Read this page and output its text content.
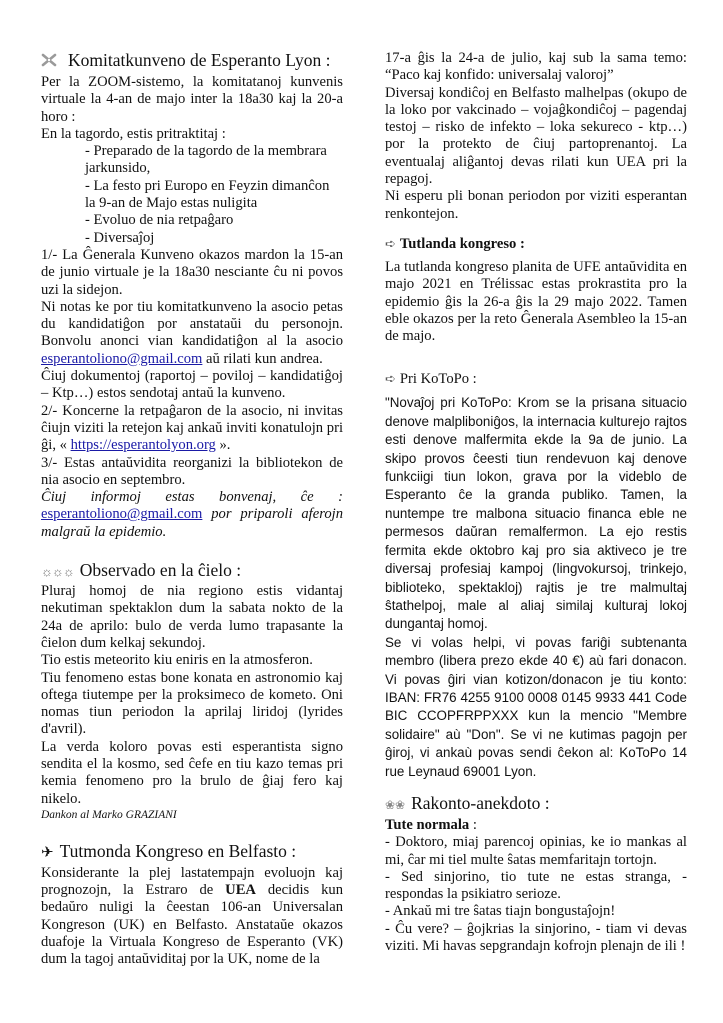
Komitatkunveno de Esperanto Lyon :

Per la ZOOM-sistemo, la komitatanoj kunvenis virtuale la 4-an de majo inter la 18a30 kaj la 20-a horo :

En la tagordo, estis pritraktitaj :

- Preparado de la tagordo de la membrara jarkunsido,

- La festo pri Europo en Feyzin dimanĉon la 9-an de Majo estas nuligita

- Evoluo de nia retpaĝaro

- Diversaĵoj

1/- La Ĝenerala Kunveno okazos mardon la 15-an de junio virtuale je la 18a30 nesciante ĉu ni povos uzi la sidejon.

Ni notas ke por tiu komitatkunveno la asocio petas du kandidatiĝon por anstataŭi du personojn. Bonvolu anonci vian kandidatiĝon al la asocio esperantoliono@gmail.com aŭ rilati kun andrea.

Ĉiuj dokumentoj (raportoj – poviloj – kandidatiĝoj – Ktp…) estos sendotaj antaŭ la kunveno.

2/- Koncerne la retpaĝaron de la asocio, ni invitas ĉiujn viziti la retejon kaj ankaŭ inviti konatulojn pri ĝi, « https://esperantolyon.org ».

3/- Estas antaŭvidita reorganizi la bibliotekon de nia asocio en septembro.

Ĉiuj informoj estas bonvenaj, ĉe :

esperantoliono@gmail.com por priparoli aferojn malgraŭ la epidemio.

☼☼☼ Observado en la ĉielo :

Pluraj homoj de nia regiono estis vidantaj nekutiman spektaklon dum la sabata nokto de la 24a de aprilo: bulo de verda lumo trapasante la ĉielon dum kelkaj sekundoj.

Tio estis meteorito kiu eniris en la atmosferon.

Tiu fenomeno estas bone konata en astronomio kaj oftega tiutempe per la proksimeco de kometo. Oni nomas tiun periodon la aprilaj liridoj (lyrides d'avril).

La verda koloro povas esti esperantista signo sendita el la kosmo, sed ĉefe en tiu kazo temas pri kemia fenomeno pro la brulo de ĝiaj fero kaj nikelo.

Dankon al Marko GRAZIANI

✈ Tutmonda Kongreso en Belfasto :

Konsiderante la plej lastatempajn evoluojn kaj prognozojn, la Estraro de UEA decidis kun bedaŭro nuligi la ĉeestan 106-an Universalan Kongreson (UK) en Belfasto. Anstataŭe okazos duafoje la Virtuala Kongreso de Esperanto (VK) dum la tagoj antaŭviditaj por la UK, nome de la

17-a ĝis la 24-a de julio, kaj sub la sama temo: “Paco kaj konfido: universalaj valoroj”

Diversaj kondiĉoj en Belfasto malhelpas (okupo de la loko por vakcinado – vojaĝkondiĉoj – pagendaj testoj – risko de infekto – loka sekureco - ktp…) por la protekto de ĉiuj partoprenantoj. La eventualaj aliĝantoj devas rilati kun UEA pri la repagoj.

Ni esperu pli bonan periodon por viziti esperantan renkontejon.

➪ Tutlanda kongreso :

La tutlanda kongreso planita de UFE antaŭvidita en majo 2021 en Trélissac estas prokrastita pro la epidemio ĝis la 26-a ĝis la 29 majo 2022. Tamen eble okazos per la reto Ĝenerala Asembleo la 15-an de majo.

➪ Pri KoToPo :

"Novaĵoj pri KoToPo: Krom se la prisana situacio denove malpliboniĝos, la internacia kulturejo rajtos esti denove malfermita ekde la 9a de junio. La skipo provos ĉeesti tiun rendevuon kaj denove funkciigi tiun lokon, grava por la videblo de Esperanto ĉe la granda publiko. Tamen, la nuntempe tre malbona situacio financa eble ne permesos daŭran remalfermon. La ejo restis fermita ekde oktobro kaj pro sia aktiveco je tre diversaj profesiaj kampoj (lingvokursoj, trinkejo, biblioteko, spektakloj) rajtis je tre malmultaj ŝtathelpoj, male al aliaj similaj kulturaj lokoj dungantaj homoj.

Se vi volas helpi, vi povas fariĝi subtenanta membro (libera prezo ekde 40 €) aù fari donacon. Vi povas ĝiri vian kotizon/donacon je tiu konto: IBAN: FR76 4255 9100 0008 0145 9933 441 Code BIC CCOPFRPPXXX kun la mencio "Membre solidaire" aù "Don". Se vi ne kutimas pagojn per ĝiroj, vi ankaù povas sendi ĉekon al: KoToPo 14 rue Leynaud 69001 Lyon.

❀❀ Rakonto-anekdoto :

Tute normala :

- Doktoro, miaj parencoj opinias, ke io mankas al mi, ĉar mi tiel multe ŝatas memfaritajn tortojn.

- Sed sinjorino, tio tute ne estas stranga, - respondas la psikiatro serioze.

- Ankaŭ mi tre ŝatas tiajn bongustaĵojn!

- Ĉu vere? – ĝojkrias la sinjorino, - tiam vi devas viziti. Mi havas sepgrandajn kofrojn plenajn de ili !
